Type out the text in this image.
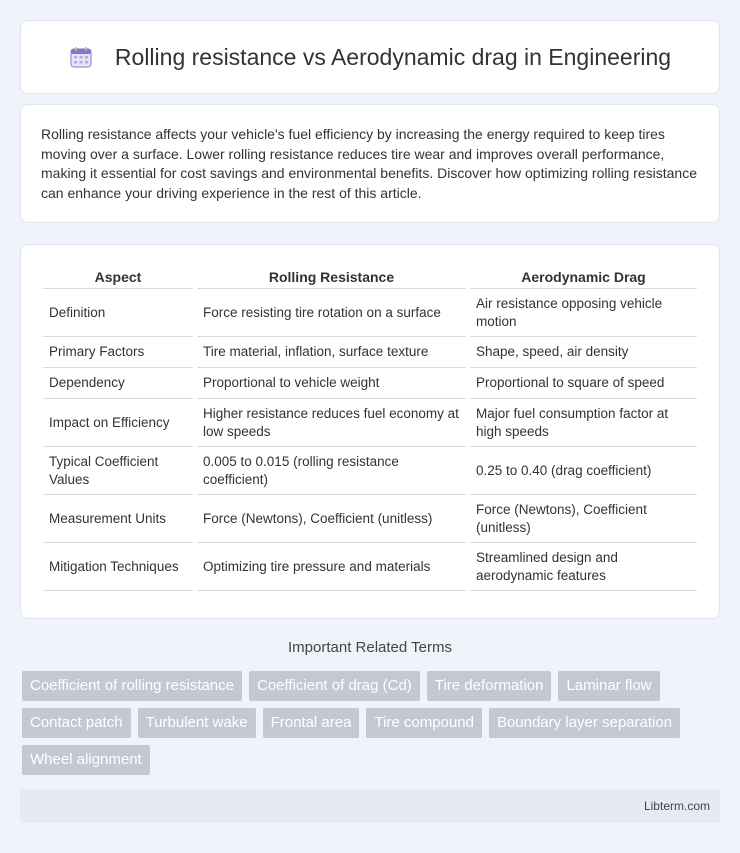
Rolling resistance vs Aerodynamic drag in Engineering

Rolling resistance affects your vehicle's fuel efficiency by increasing the energy required to keep tires moving over a surface. Lower rolling resistance reduces tire wear and improves overall performance, making it essential for cost savings and environmental benefits. Discover how optimizing rolling resistance can enhance your driving experience in the rest of this article.

Aspect		Rolling Resistance		Aerodynamic Drag
Definition		Force resisting tire rotation on a surface		Air resistance opposing vehicle motion
Primary Factors		Tire material, inflation, surface texture		Shape, speed, air density
Dependency		Proportional to vehicle weight		Proportional to square of speed
Impact on Efficiency		Higher resistance reduces fuel economy at low speeds		Major fuel consumption factor at high speeds
Typical Coefficient Values		0.005 to 0.015 (rolling resistance coefficient)		0.25 to 0.40 (drag coefficient)
Measurement Units		Force (Newtons), Coefficient (unitless)		Force (Newtons), Coefficient (unitless)
Mitigation Techniques		Optimizing tire pressure and materials		Streamlined design and aerodynamic features
Important Related Terms
Coefficient of rolling resistance	Coefficient of drag (Cd)	Tire deformation	Laminar flow
Contact patch	Turbulent wake	Frontal area	Tire compound	Boundary layer separation
Wheel alignment
Libterm.com
